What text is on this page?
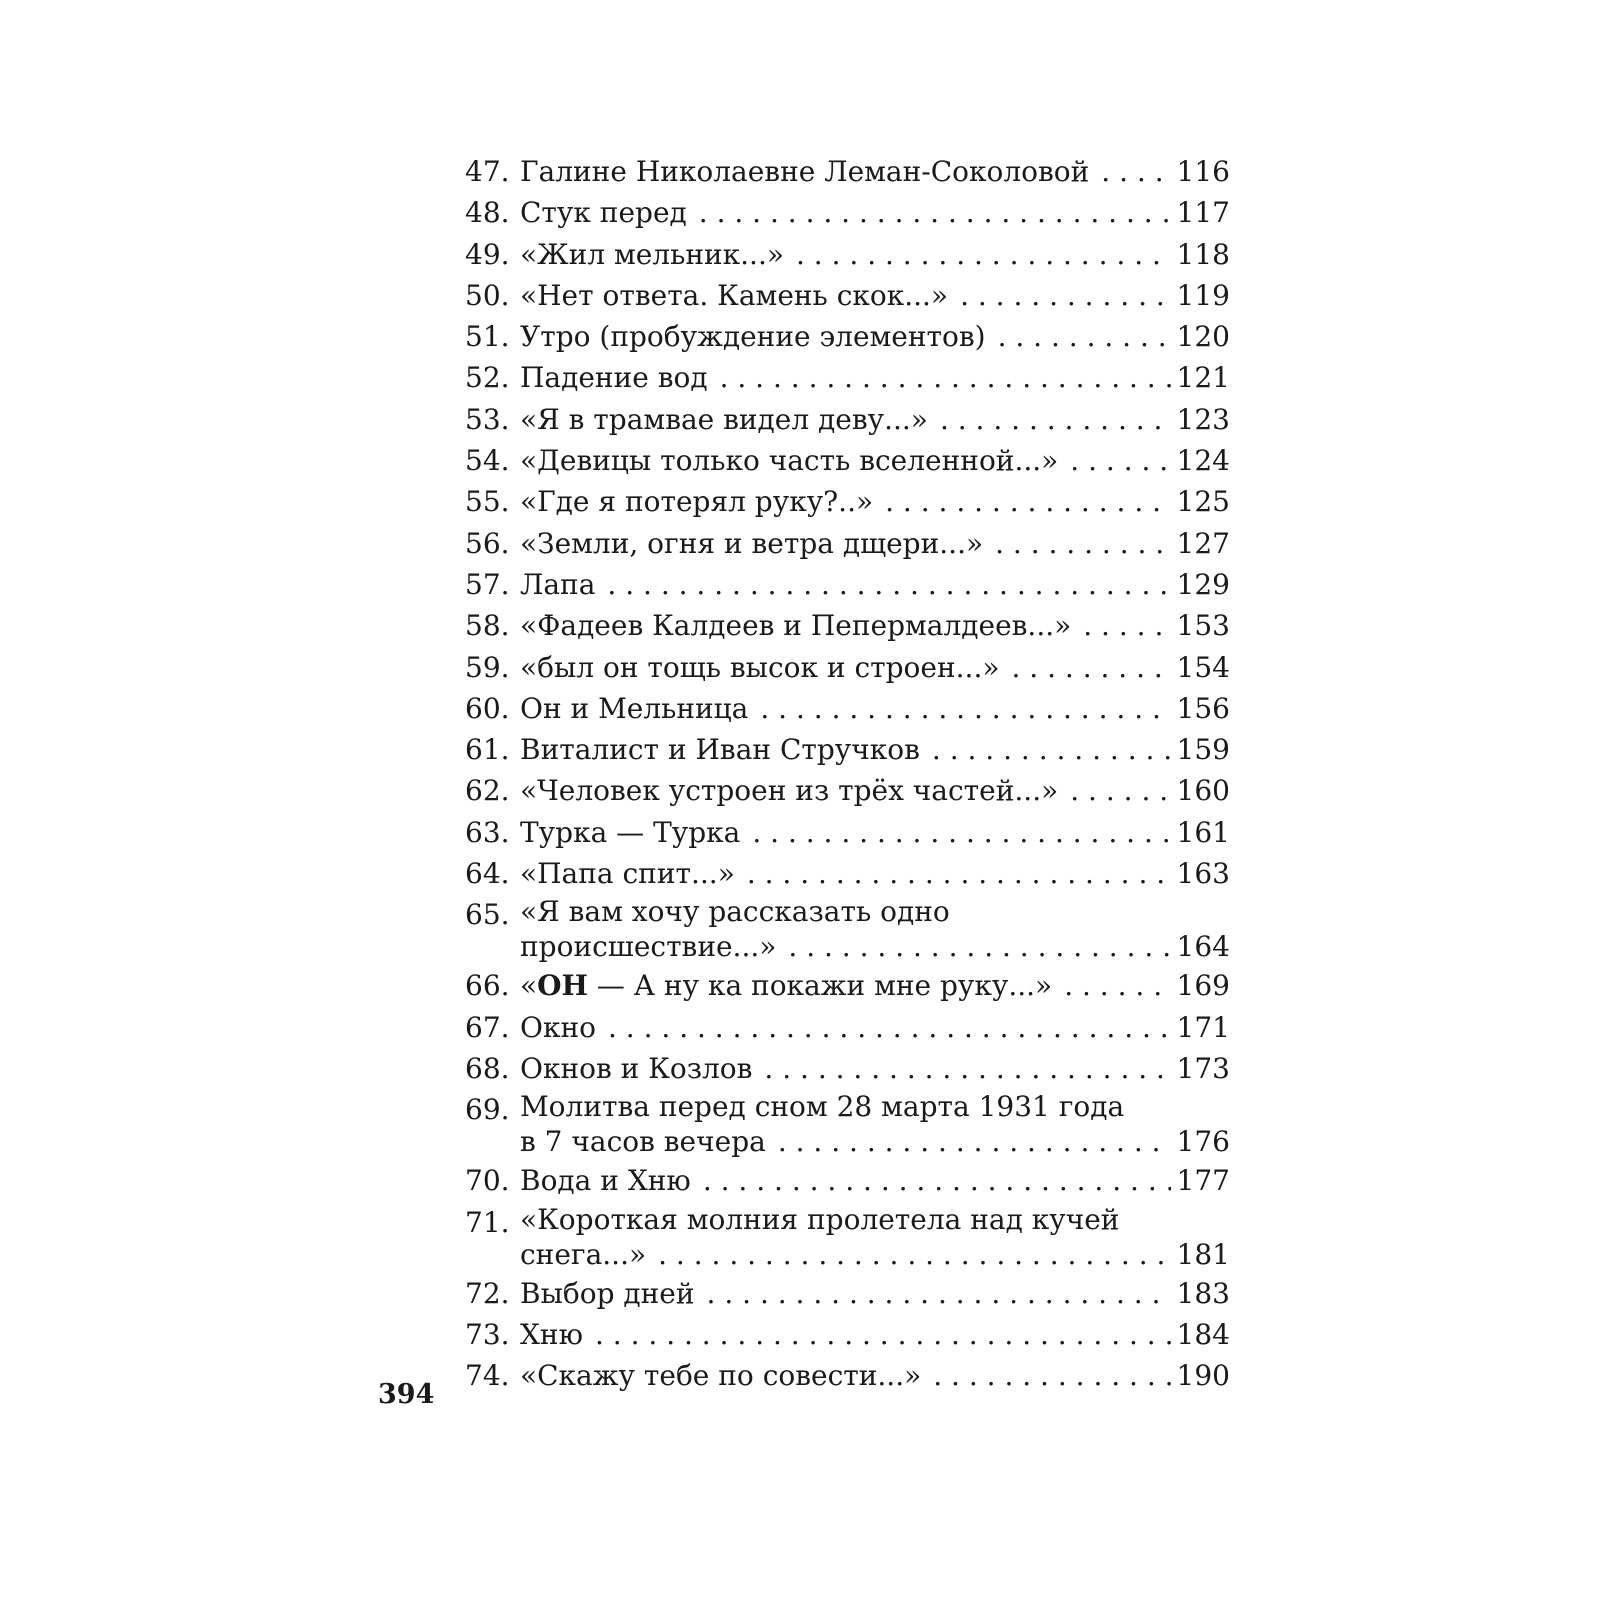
47. Галине Николаевне Леман-Соколовой . . .	116
48. Стук перед . . .	117
49. «Жил мельник...» . . .	118
50. «Нет ответа. Камень скок...» . . .	119
51. Утро (пробуждение элементов) . . .	120
52. Падение вод . . .	121
53. «Я в трамвае видел деву...» . . .	123
54. «Девицы только часть вселенной...» . . .	124
55. «Где я потерял руку?..» . . .	125
56. «Земли, огня и ветра дщери...» . . .	127
57. Лапа . . .	129
58. «Фадеев Калдеев и Пепермалдеев...» . . .	153
59. «был он тощь высок и строен...» . . .	154
60. Он и Мельница . . .	156
61. Виталист и Иван Стручков . . .	159
62. «Человек устроен из трёх частей...» . . .	160
63. Турка — Турка . . .	161
64. «Папа спит...» . . .	163
65. «Я вам хочу рассказать одно
происшествие...» . . .	164
66. «ОН — А ну ка покажи мне руку...» . . .	169
67. Окно . . .	171
68. Окнов и Козлов . . .	173
69. Молитва перед сном 28 марта 1931 года
в 7 часов вечера . . .	176
70. Вода и Хню . . .	177
71. «Короткая молния пролетела над кучей
снега...» . . .	181
72. Выбор дней . . .	183
73. Хню . . .	184
74. «Скажу тебе по совести...» . . .	190
394
